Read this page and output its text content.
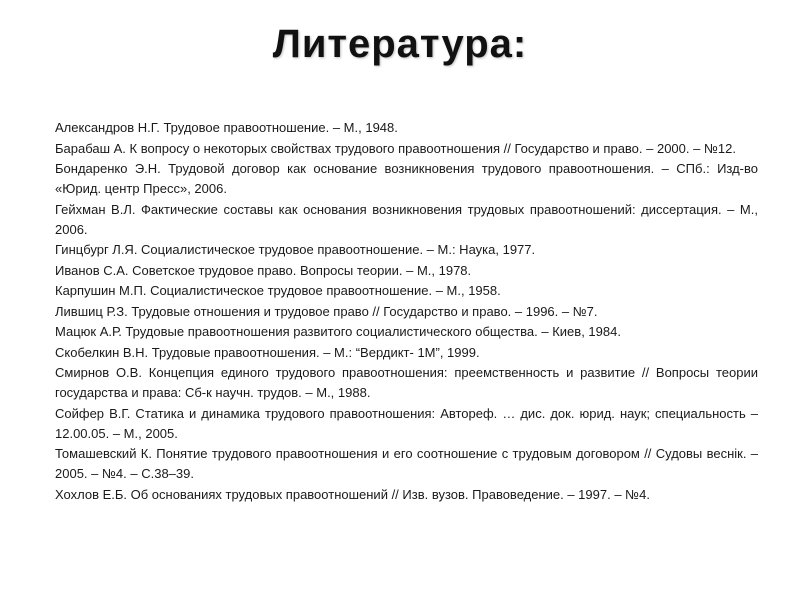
Литература:
Александров Н.Г. Трудовое правоотношение. – М., 1948.
Барабаш А. К вопросу о некоторых свойствах трудового правоотношения // Государство и право. – 2000. – №12.
Бондаренко Э.Н. Трудовой договор как основание возникновения трудового правоотношения. – СПб.: Изд-во «Юрид. центр Пресс», 2006.
Гейхман В.Л. Фактические составы как основания возникновения трудовых правоотношений: диссертация. – М., 2006.
Гинцбург Л.Я. Социалистическое трудовое правоотношение. – М.: Наука, 1977.
Иванов С.А. Советское трудовое право. Вопросы теории. – М., 1978.
Карпушин М.П. Социалистическое трудовое правоотношение. – М., 1958.
Лившиц Р.З. Трудовые отношения и трудовое право // Государство и право. – 1996. – №7.
Мацюк А.Р. Трудовые правоотношения развитого социалистического общества. – Киев, 1984.
Скобелкин В.Н. Трудовые правоотношения. – М.: “Вердикт- 1М”, 1999.
Смирнов О.В. Концепция единого трудового правоотношения: преемственность и развитие // Вопросы теории государства и права: Сб-к научн. трудов. – М., 1988.
Сойфер В.Г. Статика и динамика трудового правоотношения: Автореф. … дис. док. юрид. наук; специальность – 12.00.05. – М., 2005.
Томашевский К. Понятие трудового правоотношения и его соотношение с трудовым договором // Судовы веснік. – 2005. – №4. – С.38–39.
Хохлов Е.Б. Об основаниях трудовых правоотношений // Изв. вузов. Правоведение. – 1997. – №4.
